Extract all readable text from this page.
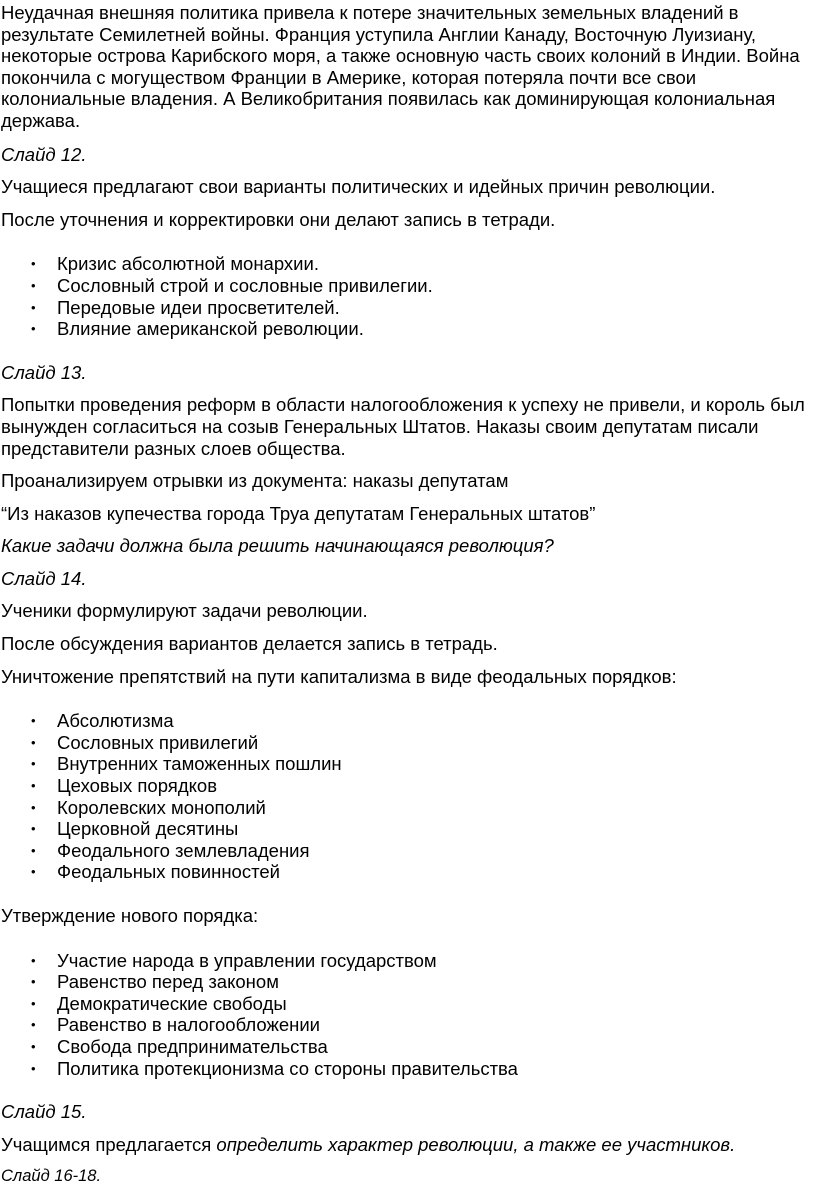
Неудачная внешняя политика привела к потере значительных земельных владений в результате Семилетней войны. Франция уступила Англии Канаду, Восточную Луизиану, некоторые острова Карибского моря, а также основную часть своих колоний в Индии. Война покончила с могуществом Франции в Америке, которая потеряла почти все свои колониальные владения. А Великобритания появилась как доминирующая колониальная держава.

Слайд 12.

Учащиеся предлагают свои варианты политических и идейных причин революции.

После уточнения и корректировки они делают запись в тетради.

• Кризис абсолютной монархии.
• Сословный строй и сословные привилегии.
• Передовые идеи просветителей.
• Влияние американской революции.

Слайд 13.

Попытки проведения реформ в области налогообложения к успеху не привели, и король был вынужден согласиться на созыв Генеральных Штатов. Наказы своим депутатам писали представители разных слоев общества.

Проанализируем отрывки из документа: наказы депутатам

“Из наказов купечества города Труа депутатам Генеральных штатов”

Какие задачи должна была решить начинающаяся революция?

Слайд 14.

Ученики формулируют задачи революции.

После обсуждения вариантов делается запись в тетрадь.

Уничтожение препятствий на пути капитализма в виде феодальных порядков:

• Абсолютизма
• Сословных привилегий
• Внутренних таможенных пошлин
• Цеховых порядков
• Королевских монополий
• Церковной десятины
• Феодального землевладения
• Феодальных повинностей

Утверждение нового порядка:

• Участие народа в управлении государством
• Равенство перед законом
• Демократические свободы
• Равенство в налогообложении
• Свобода предпринимательства
• Политика протекционизма со стороны правительства

Слайд 15.

Учащимся предлагается определить характер революции, а также ее участников.

Слайд 16-18.
